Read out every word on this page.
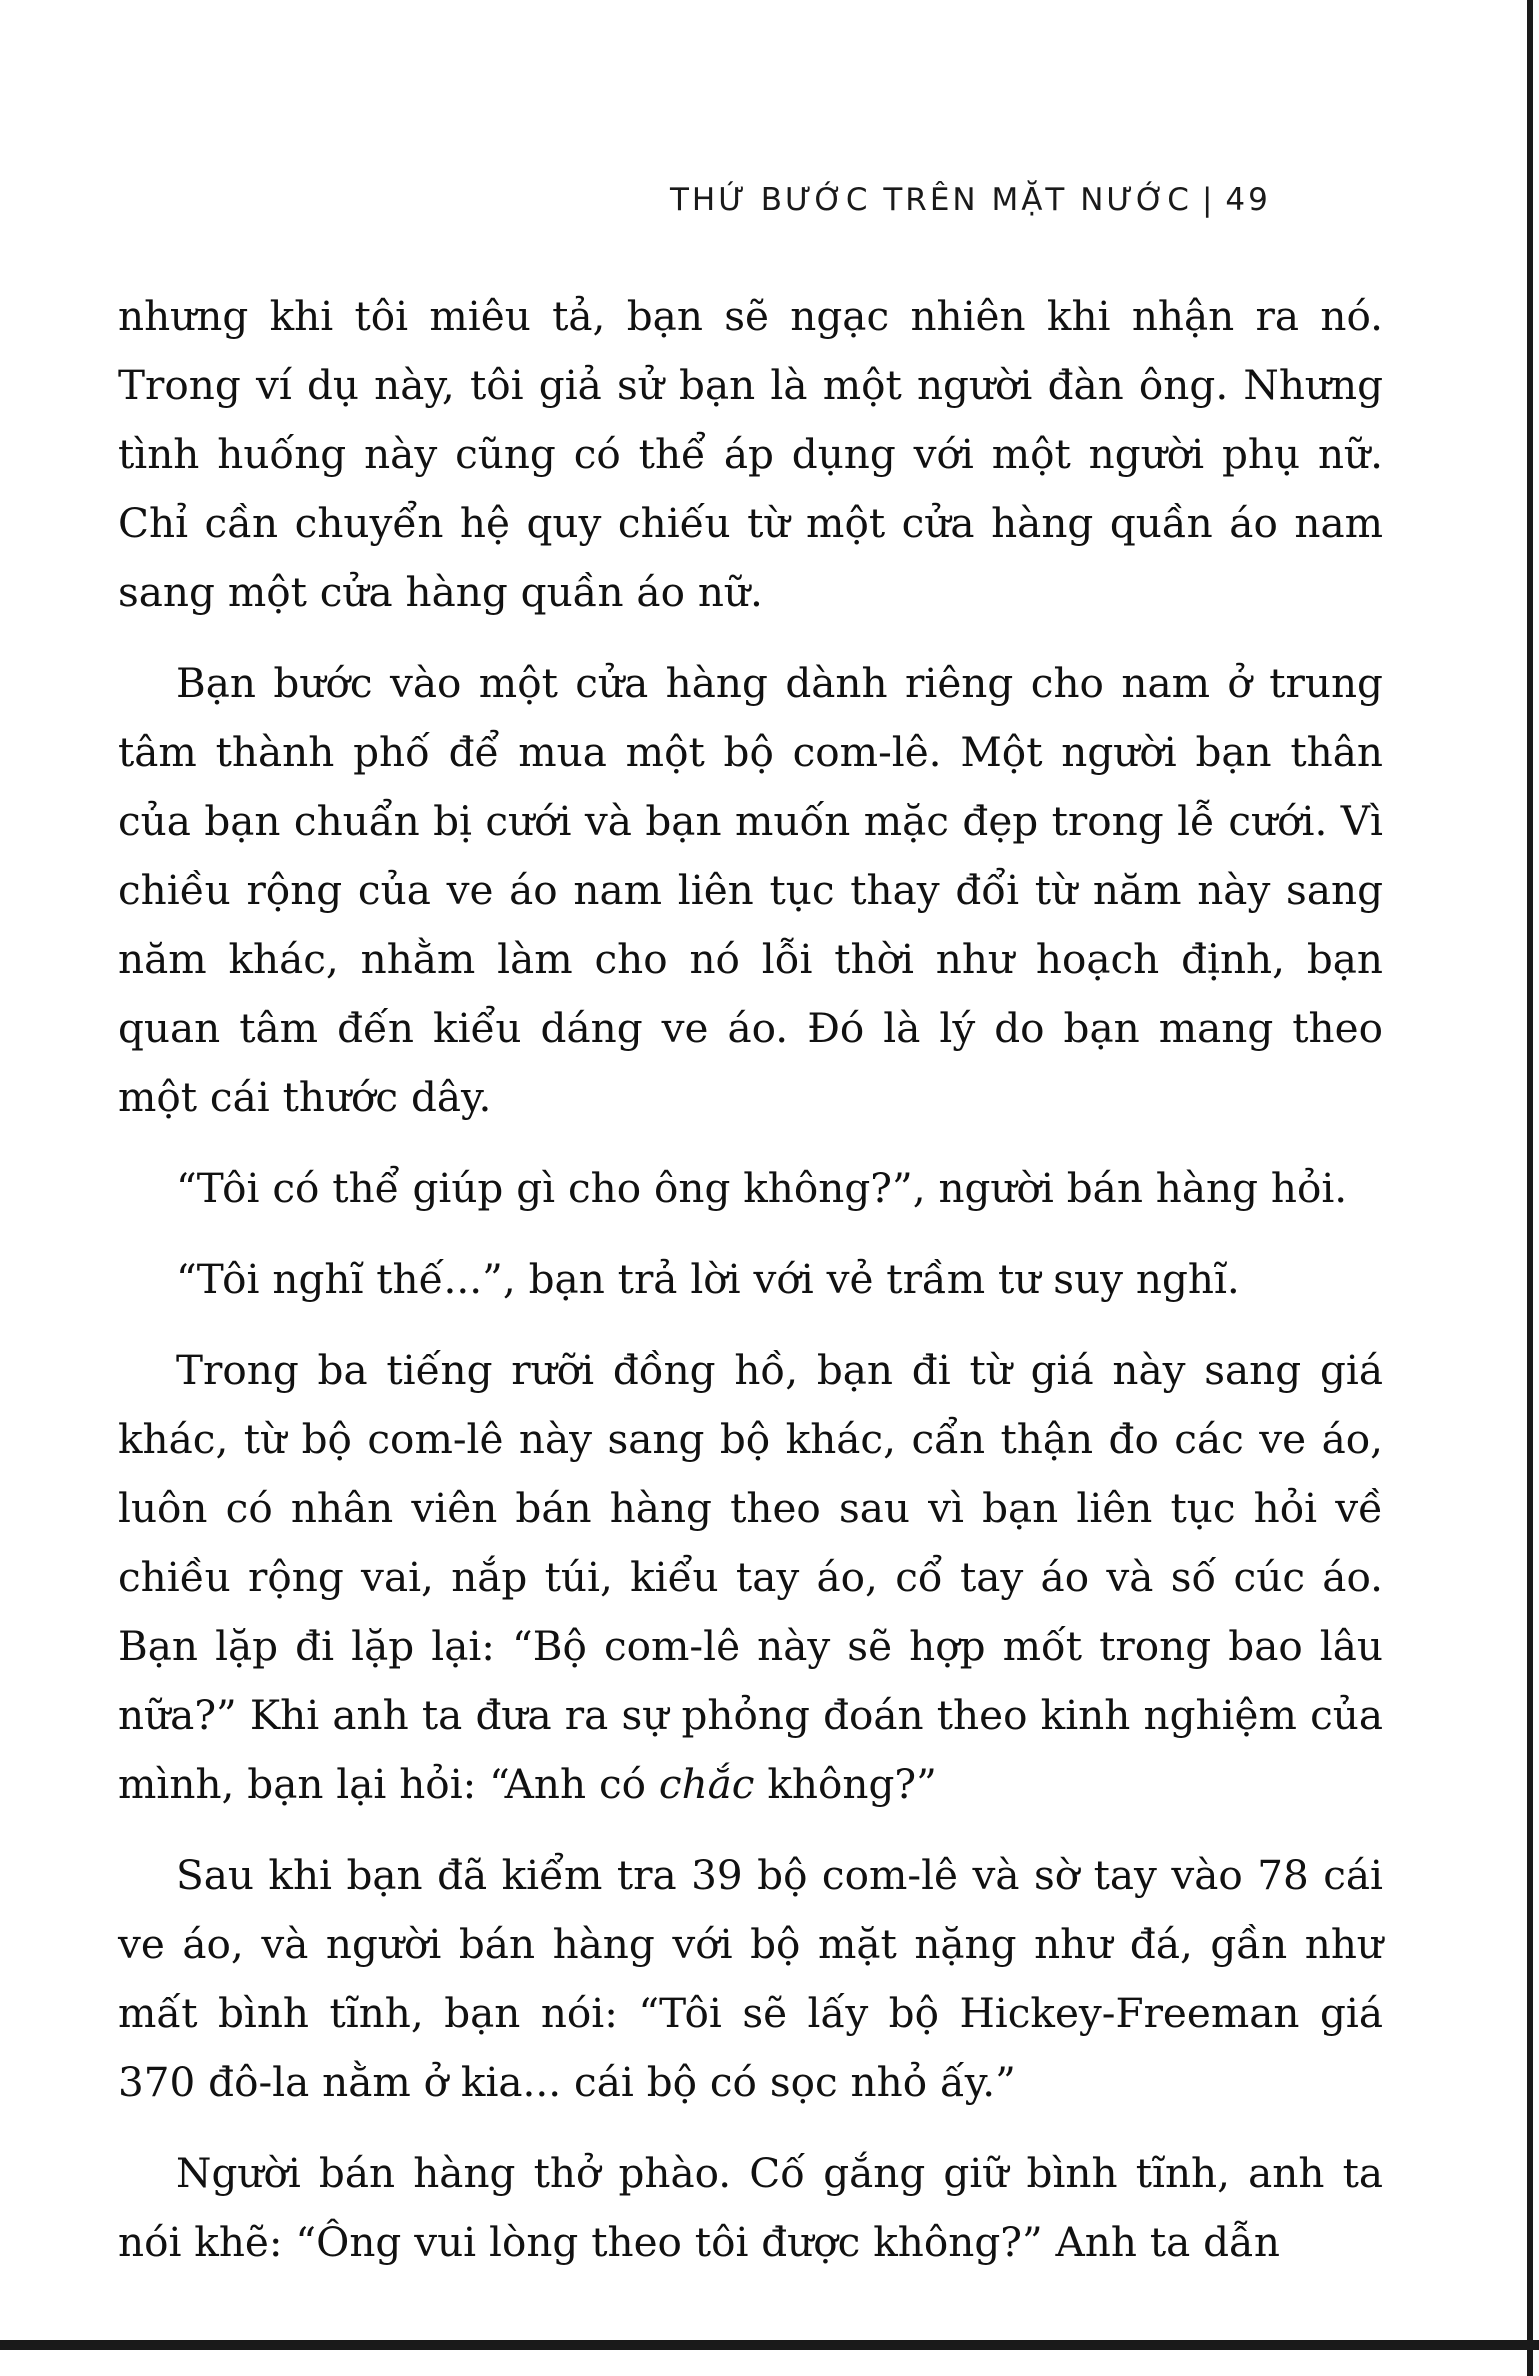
THỨ BƯỚC TRÊN MẶT NƯỚC | 49

nhưng khi tôi miêu tả, bạn sẽ ngạc nhiên khi nhận ra nó. Trong ví dụ này, tôi giả sử bạn là một người đàn ông. Nhưng tình huống này cũng có thể áp dụng với một người phụ nữ. Chỉ cần chuyển hệ quy chiếu từ một cửa hàng quần áo nam sang một cửa hàng quần áo nữ.

Bạn bước vào một cửa hàng dành riêng cho nam ở trung tâm thành phố để mua một bộ com-lê. Một người bạn thân của bạn chuẩn bị cưới và bạn muốn mặc đẹp trong lễ cưới. Vì chiều rộng của ve áo nam liên tục thay đổi từ năm này sang năm khác, nhằm làm cho nó lỗi thời như hoạch định, bạn quan tâm đến kiểu dáng ve áo. Đó là lý do bạn mang theo một cái thước dây.

“Tôi có thể giúp gì cho ông không?”, người bán hàng hỏi.

“Tôi nghĩ thế...”, bạn trả lời với vẻ trầm tư suy nghĩ.

Trong ba tiếng rưỡi đồng hồ, bạn đi từ giá này sang giá khác, từ bộ com-lê này sang bộ khác, cẩn thận đo các ve áo, luôn có nhân viên bán hàng theo sau vì bạn liên tục hỏi về chiều rộng vai, nắp túi, kiểu tay áo, cổ tay áo và số cúc áo. Bạn lặp đi lặp lại: “Bộ com-lê này sẽ hợp mốt trong bao lâu nữa?” Khi anh ta đưa ra sự phỏng đoán theo kinh nghiệm của mình, bạn lại hỏi: “Anh có chắc không?”

Sau khi bạn đã kiểm tra 39 bộ com-lê và sờ tay vào 78 cái ve áo, và người bán hàng với bộ mặt nặng như đá, gần như mất bình tĩnh, bạn nói: “Tôi sẽ lấy bộ Hickey-Freeman giá 370 đô-la nằm ở kia... cái bộ có sọc nhỏ ấy.”

Người bán hàng thở phào. Cố gắng giữ bình tĩnh, anh ta nói khẽ: “Ông vui lòng theo tôi được không?” Anh ta dẫn
